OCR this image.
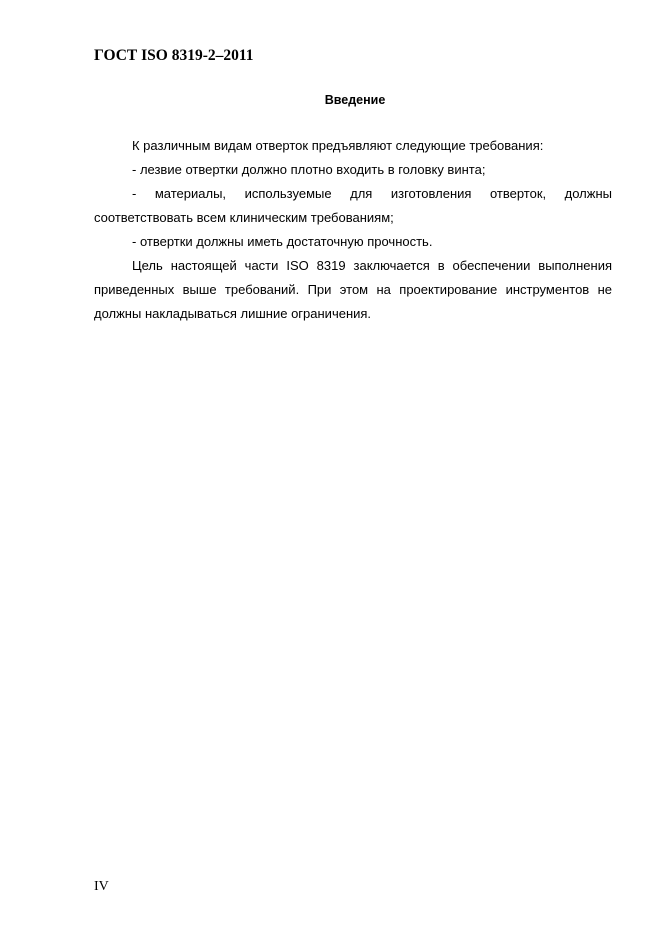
ГОСТ ISO 8319-2–2011
Введение
К различным видам отверток предъявляют следующие требования:
- лезвие отвертки должно плотно входить в головку винта;
- материалы, используемые для изготовления отверток, должны
соответствовать всем клиническим требованиям;
- отвертки должны иметь достаточную прочность.
Цель настоящей части ISO 8319 заключается в обеспечении выполнения
приведенных выше требований. При этом на проектирование инструментов не
должны накладываться лишние ограничения.
IV
